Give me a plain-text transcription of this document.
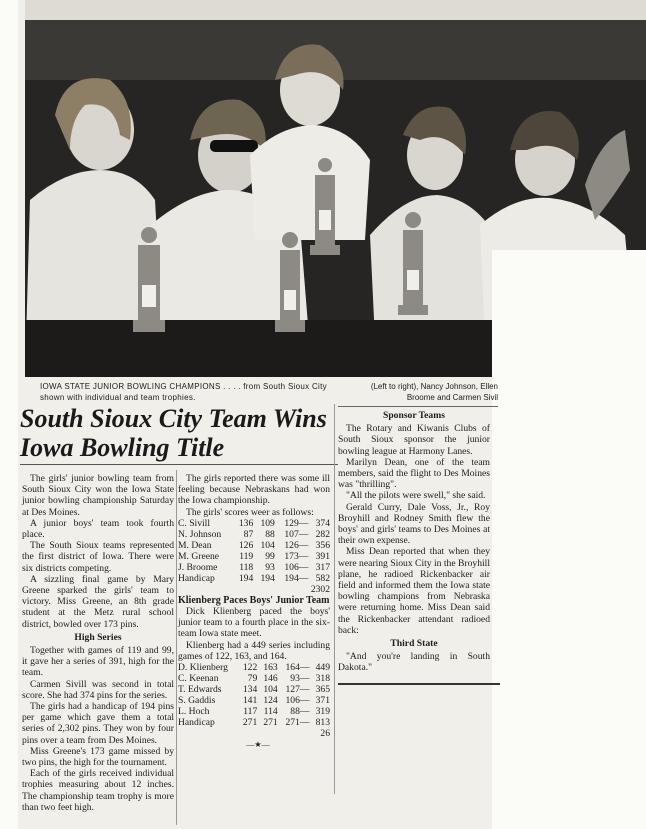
IOWA STATE JUNIOR BOWLING CHAMPIONS . . . . from South Sioux City shown with individual and team trophies.
(Left to right), Nancy Johnson, Ellen Broome and Carmen Sivil
South Sioux City Team Wins Iowa Bowling Title

The girls' junior bowling team from South Sioux City won the Iowa State junior bowling championship Saturday at Des Moines.

A junior boys' team took fourth place.

The South Sioux teams represented the first district of Iowa. There were six districts competing.

A sizzling final game by Mary Greene sparked the girls' team to victory. Miss Greene, an 8th grade student at the Metz rural school district, bowled over 173 pins.

High Series

Together with games of 119 and 99, it gave her a series of 391, high for the team.

Carmen Sivill was second in total score. She had 374 pins for the series.

The girls had a handicap of 194 pins per game which gave them a total series of 2,302 pins. They won by four pins over a team from Des Moines.

Miss Greene's 173 game missed by two pins, the high for the tournament.

Each of the girls received individual trophies measuring about 12 inches. The championship team trophy is more than two feet high.

The girls reported there was some ill feeling because Nebraskans had won the Iowa championship.

The girls' scores weer as follows:

C. Sivill	136	109	129—	374
N. Johnson	87	88	107—	282
M. Dean	126	104	126—	356
M. Greene	119	99	173—	391
J. Broome	118	93	106—	317
Handicap	194	194	194—	582
2302

Klienberg Paces Boys' Junior Team

Dick Klienberg paced the boys' junior team to a fourth place in the six-team Iowa state meet.

Klienberg had a 449 series including games of 122, 163, and 164.

D. Klienberg	122	163	164—	449
C. Keenan	79	146	93—	318
T. Edwards	134	104	127—	365
S. Gaddis	141	124	106—	371
L. Hoch	117	114	88—	319
Handicap	271	271	271—	813
26

—★—

Sponsor Teams

The Rotary and Kiwanis Clubs of South Sioux sponsor the junior bowling league at Harmony Lanes.

Marilyn Dean, one of the team members, said the flight to Des Moines was "thrilling".

"All the pilots were swell," she said.

Gerald Curry, Dale Voss, Jr., Roy Broyhill and Rodney Smith flew the boys' and girls' teams to Des Moines at their own expense.

Miss Dean reported that when they were nearing Sioux City in the Broyhill plane, he radioed Rickenbacker air field and informed them the Iowa state bowling champions from Nebraska were returning home. Miss Dean said the Rickenbacker attendant radioed back:

Third State

"And you're landing in South Dakota."
